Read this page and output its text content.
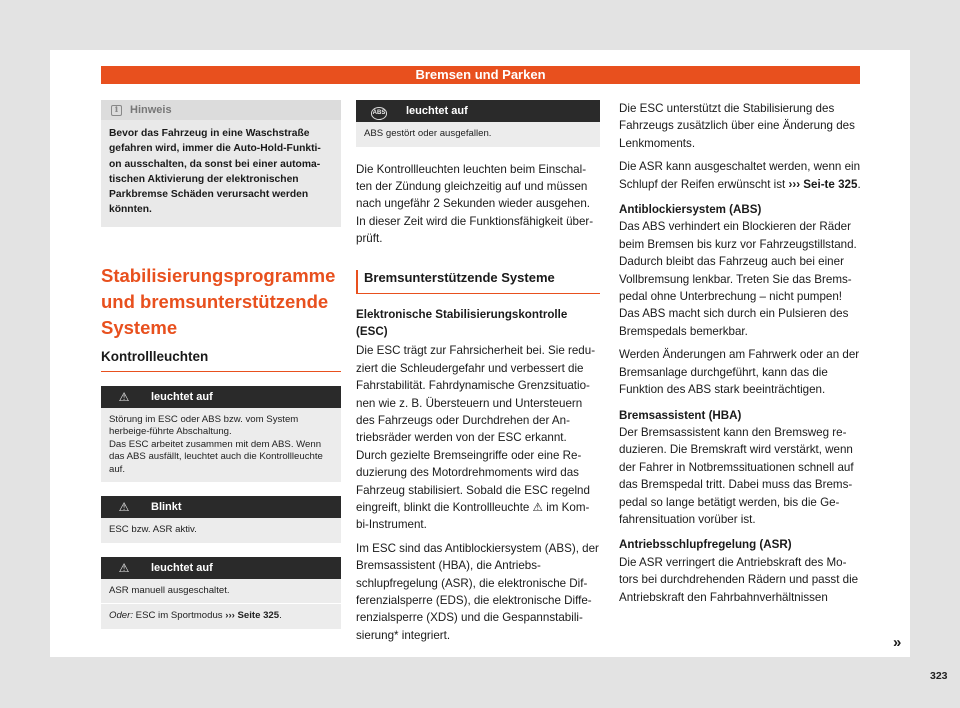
Bremsen und Parken
i	Hinweis
Bevor das Fahrzeug in eine Waschstraße gefahren wird, immer die Auto-Hold-Funkti-on ausschalten, da sonst bei einer automa-tischen Aktivierung der elektronischen Parkbremse Schäden verursacht werden könnten.
Stabilisierungsprogramme und bremsunterstützende Systeme
Kontrollleuchten
⚠	leuchtet auf
Störung im ESC oder ABS bzw. vom System herbeige-führte Abschaltung.
Das ESC arbeitet zusammen mit dem ABS. Wenn das ABS ausfällt, leuchtet auch die Kontrollleuchte auf.
⚠	Blinkt
ESC bzw. ASR aktiv.
⚠	leuchtet auf
ASR manuell ausgeschaltet.
Oder: ESC im Sportmodus ››› Seite 325.
ABS	leuchtet auf
ABS gestört oder ausgefallen.
Die Kontrollleuchten leuchten beim Einschal-ten der Zündung gleichzeitig auf und müssen nach ungefähr 2 Sekunden wieder ausgehen. In dieser Zeit wird die Funktionsfähigkeit über-prüft.
Bremsunterstützende Systeme
Elektronische Stabilisierungskontrolle (ESC)
Die ESC trägt zur Fahrsicherheit bei. Sie redu-ziert die Schleudergefahr und verbessert die Fahrstabilität. Fahrdynamische Grenzsituatio-nen wie z. B. Übersteuern und Untersteuern des Fahrzeugs oder Durchdrehen der An-triebsräder werden von der ESC erkannt. Durch gezielte Bremseingriffe oder eine Re-duzierung des Motordrehmoments wird das Fahrzeug stabilisiert. Sobald die ESC regelnd eingreift, blinkt die Kontrollleuchte ⚠ im Kom-bi-Instrument.
Im ESC sind das Antiblockiersystem (ABS), der Bremsassistent (HBA), die Antriebs-schlupfregelung (ASR), die elektronische Dif-ferenzialsperre (EDS), die elektronische Diffe-renzialsperre (XDS) und die Gespannstabili-sierung* integriert.
Die ESC unterstützt die Stabilisierung des Fahrzeugs zusätzlich über eine Änderung des Lenkmoments.
Die ASR kann ausgeschaltet werden, wenn ein Schlupf der Reifen erwünscht ist ››› Sei-te 325.
Antiblockiersystem (ABS)
Das ABS verhindert ein Blockieren der Räder beim Bremsen bis kurz vor Fahrzeugstillstand. Dadurch bleibt das Fahrzeug auch bei einer Vollbremsung lenkbar. Treten Sie das Brems-pedal ohne Unterbrechung – nicht pumpen! Das ABS macht sich durch ein Pulsieren des Bremspedals bemerkbar.
Werden Änderungen am Fahrwerk oder an der Bremsanlage durchgeführt, kann das die Funktion des ABS stark beeinträchtigen.
Bremsassistent (HBA)
Der Bremsassistent kann den Bremsweg re-duzieren. Die Bremskraft wird verstärkt, wenn der Fahrer in Notbremssituationen schnell auf das Bremspedal tritt. Dabei muss das Brems-pedal so lange betätigt werden, bis die Ge-fahrensituation vorüber ist.
Antriebsschlupfregelung (ASR)
Die ASR verringert die Antriebskraft des Mo-tors bei durchdrehenden Rädern und passt die Antriebskraft den Fahrbahnverhältnissen
»
323
